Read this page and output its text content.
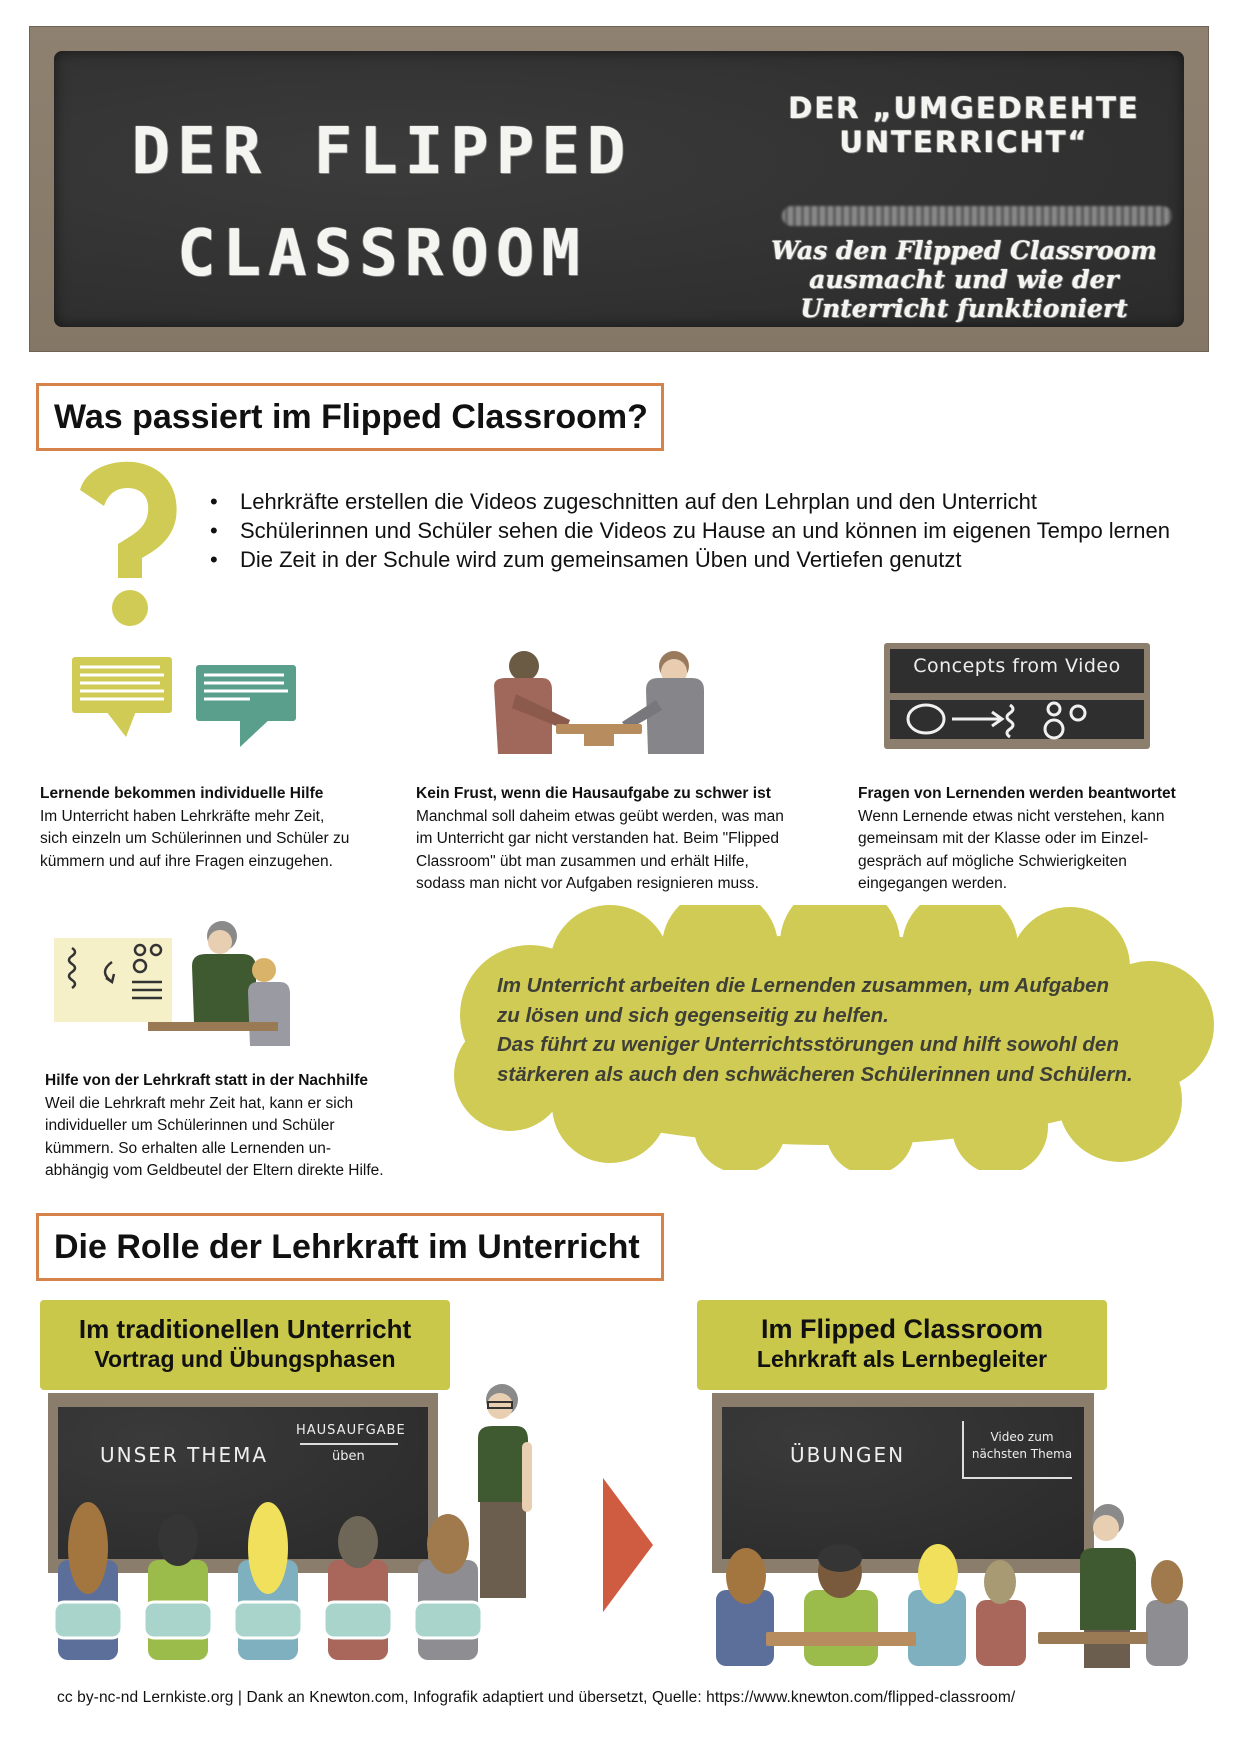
DER FLIPPED
CLASSROOM
DER „UMGEDREHTE
UNTERRICHT“
Was den Flipped Classroom
ausmacht und wie der
Unterricht funktioniert
Was passiert im Flipped Classroom?
• Lehrkräfte erstellen die Videos zugeschnitten auf den Lehrplan und den Unterricht
• Schülerinnen und Schüler sehen die Videos zu Hause an und können im eigenen Tempo lernen
• Die Zeit in der Schule wird zum gemeinsamen Üben und Vertiefen genutzt
Concepts from Video
Lernende bekommen individuelle Hilfe
Im Unterricht haben Lehrkräfte mehr Zeit,
sich einzeln um Schülerinnen und Schüler zu
kümmern und auf ihre Fragen einzugehen.
Kein Frust, wenn die Hausaufgabe zu schwer ist
Manchmal soll daheim etwas geübt werden, was man
im Unterricht gar nicht verstanden hat. Beim "Flipped
Classroom" übt man zusammen und erhält Hilfe,
sodass man nicht vor Aufgaben resignieren muss.
Fragen von Lernenden werden beantwortet
Wenn Lernende etwas nicht verstehen, kann
gemeinsam mit der Klasse oder im Einzel-
gespräch auf mögliche Schwierigkeiten
eingegangen werden.
Hilfe von der Lehrkraft statt in der Nachhilfe
Weil die Lehrkraft mehr Zeit hat, kann er sich
individueller um Schülerinnen und Schüler
kümmern. So erhalten alle Lernenden un-
abhängig vom Geldbeutel der Eltern direkte Hilfe.
Im Unterricht arbeiten die Lernenden zusammen, um Aufgaben
zu lösen und sich gegenseitig zu helfen.
Das führt zu weniger Unterrichtsstörungen und hilft sowohl den
stärkeren als auch den schwächeren Schülerinnen und Schülern.
Die Rolle der Lehrkraft im Unterricht
Im traditionellen Unterricht
Vortrag und Übungsphasen
UNSER THEMA
HAUSAUFGABE
üben
Im Flipped Classroom
Lehrkraft als Lernbegleiter
ÜBUNGEN
Video zum
nächsten Thema
cc by-nc-nd Lernkiste.org | Dank an Knewton.com, Infografik adaptiert und übersetzt, Quelle: https://www.knewton.com/flipped-classroom/
